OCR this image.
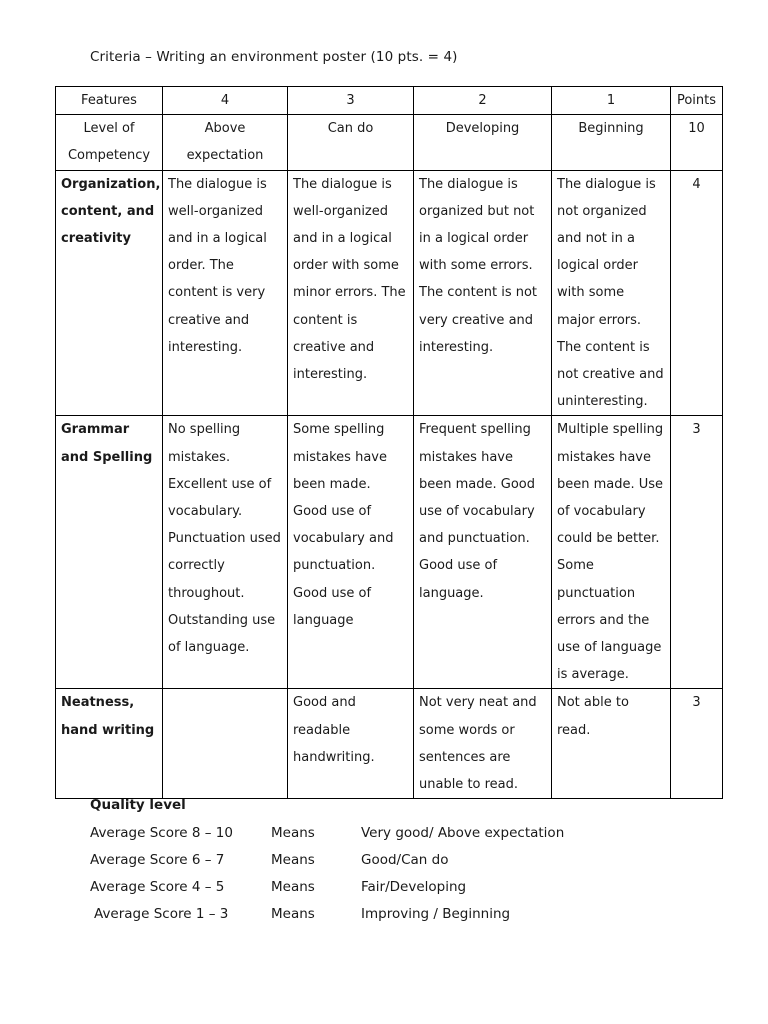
Criteria – Writing an environment poster (10 pts. = 4)
Features	4	3	2	1	Points
Level of Competency	Above expectation	Can do	Developing	Beginning	10
Organization, content, and creativity	The dialogue is well-organized and in a logical order. The content is very creative and interesting.	The dialogue is well-organized and in a logical order with some minor errors. The content is creative and interesting.	The dialogue is organized but not in a logical order with some errors. The content is not very creative and interesting.	The dialogue is not organized and not in a logical order with some major errors. The content is not creative and uninteresting.	4
Grammar and Spelling	No spelling mistakes. Excellent use of vocabulary. Punctuation used correctly throughout. Outstanding use of language.	Some spelling mistakes have been made. Good use of vocabulary and punctuation. Good use of language	Frequent spelling mistakes have been made. Good use of vocabulary and punctuation. Good use of language.	Multiple spelling mistakes have been made. Use of vocabulary could be better. Some punctuation errors and the use of language is average.	3
Neatness, hand writing		Good and readable handwriting.	Not very neat and some words or sentences are unable to read.	Not able to read.	3
Quality level
Average Score 8 – 10	Means	Very good/ Above expectation
Average Score 6 – 7	Means	Good/Can do
Average Score 4 – 5	Means	Fair/Developing
Average Score 1 – 3	Means	Improving / Beginning
